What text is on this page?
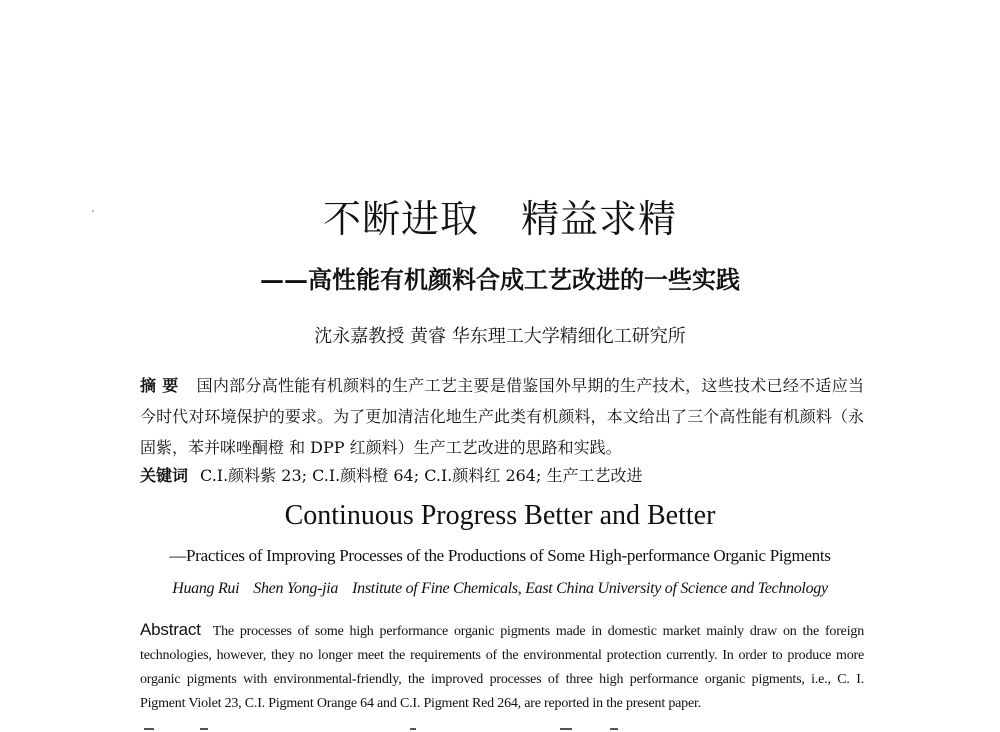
不断进取 精益求精
——高性能有机颜料合成工艺改进的一些实践
沈永嘉教授 黄睿 华东理工大学精细化工研究所
摘要 国内部分高性能有机颜料的生产工艺主要是借鉴国外早期的生产技术，这些技术已经不适应当今时代对环境保护的要求。为了更加清洁化地生产此类有机颜料，本文给出了三个高性能有机颜料（永固紫，苯并咪唑酮橙 和 DPP 红颜料）生产工艺改进的思路和实践。
关键词 C.I.颜料紫 23; C.I.颜料橙 64; C.I.颜料红 264; 生产工艺改进
Continuous Progress Better and Better
—Practices of Improving Processes of the Productions of Some High-performance Organic Pigments
Huang Rui Shen Yong-jia Institute of Fine Chemicals, East China University of Science and Technology
Abstract The processes of some high performance organic pigments made in domestic market mainly draw on the foreign technologies, however, they no longer meet the requirements of the environmental protection currently. In order to produce more organic pigments with environmental-friendly, the improved processes of three high performance organic pigments, i.e., C. I. Pigment Violet 23, C.I. Pigment Orange 64 and C.I. Pigment Red 264, are reported in the present paper.
